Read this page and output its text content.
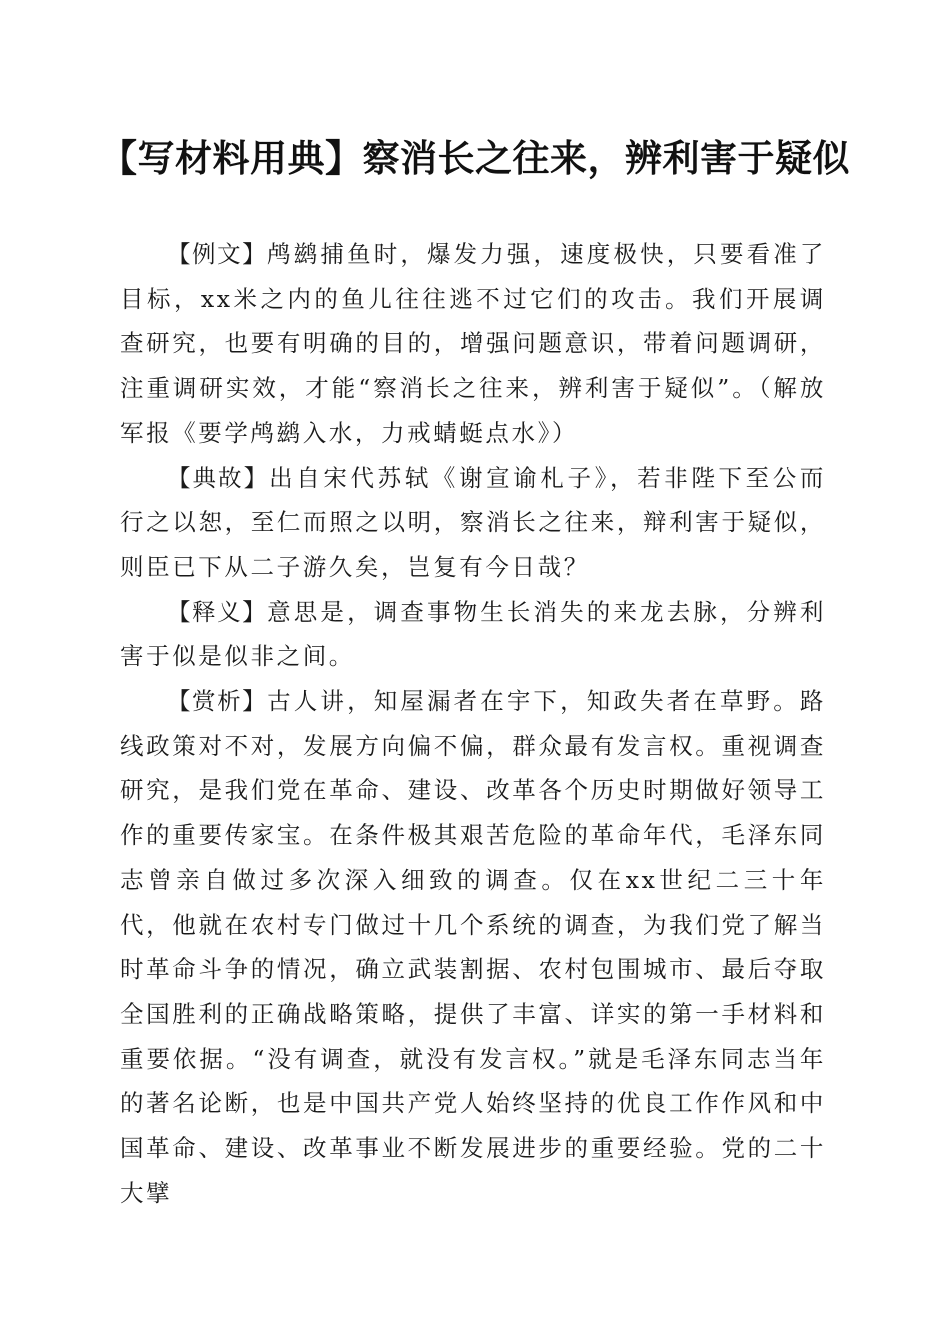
【写材料用典】察消长之往来，辨利害于疑似

【例文】鸬鹚捕鱼时，爆发力强，速度极快，只要看准了目标，xx米之内的鱼儿往往逃不过它们的攻击。我们开展调查研究，也要有明确的目的，增强问题意识，带着问题调研，注重调研实效，才能“察消长之往来，辨利害于疑似”。（解放军报《要学鸬鹚入水，力戒蜻蜓点水》）

【典故】出自宋代苏轼《谢宣谕札子》，若非陛下至公而行之以恕，至仁而照之以明，察消长之往来，辩利害于疑似，则臣已下从二子游久矣，岂复有今日哉？

【释义】意思是，调查事物生长消失的来龙去脉，分辨利害于似是似非之间。

【赏析】古人讲，知屋漏者在宇下，知政失者在草野。路线政策对不对，发展方向偏不偏，群众最有发言权。重视调查研究，是我们党在革命、建设、改革各个历史时期做好领导工作的重要传家宝。在条件极其艰苦危险的革命年代，毛泽东同志曾亲自做过多次深入细致的调查。仅在xx世纪二三十年代，他就在农村专门做过十几个系统的调查，为我们党了解当时革命斗争的情况，确立武装割据、农村包围城市、最后夺取全国胜利的正确战略策略，提供了丰富、详实的第一手材料和重要依据。“没有调查，就没有发言权。”就是毛泽东同志当年的著名论断，也是中国共产党人始终坚持的优良工作作风和中国革命、建设、改革事业不断发展进步的重要经验。党的二十大擘
